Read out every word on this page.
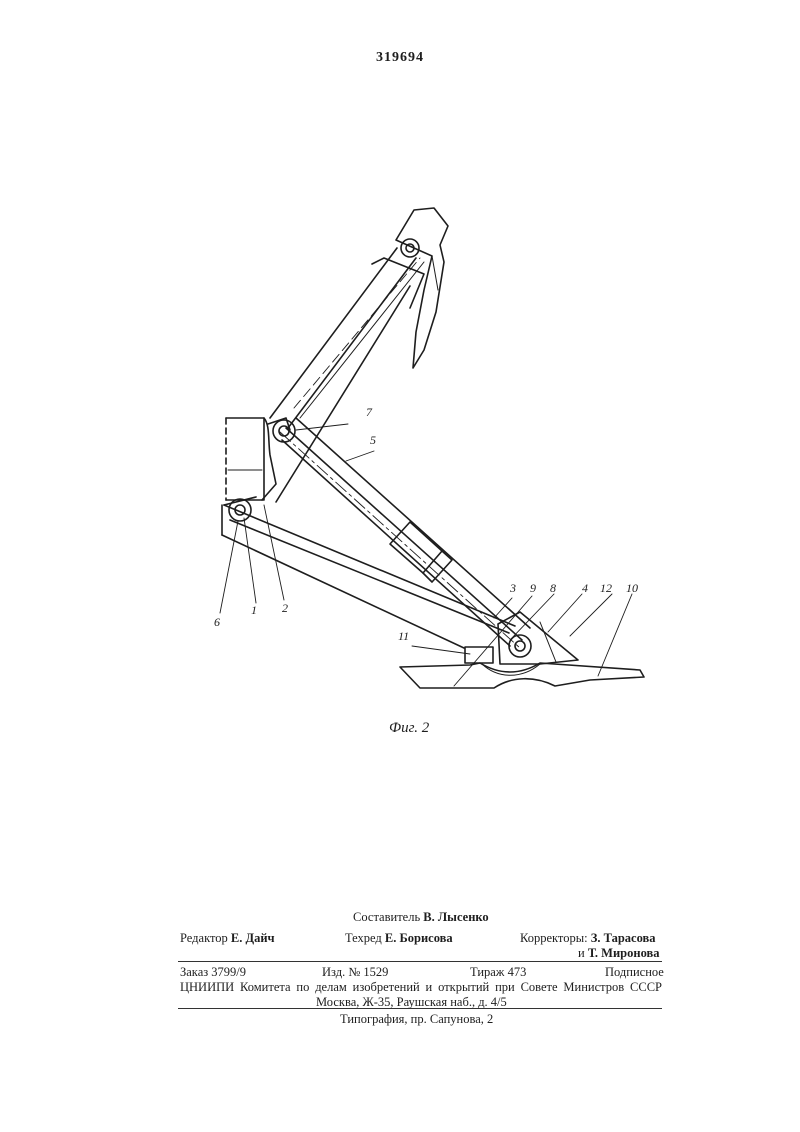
319694
6
1 2
7
5
3 9 8 4 12 10
11
Фиг. 2
Составитель В. Лысенко
Редактор Е. Дайч	Техред Е. Борисова	Корректоры: З. Тарасова
и Т. Миронова
Заказ 3799/9	Изд. № 1529	Тираж 473	Подписное
ЦНИИПИ Комитета по делам изобретений и открытий при Совете Министров СССР
Москва, Ж-35, Раушская наб., д. 4/5
Типография, пр. Сапунова, 2
